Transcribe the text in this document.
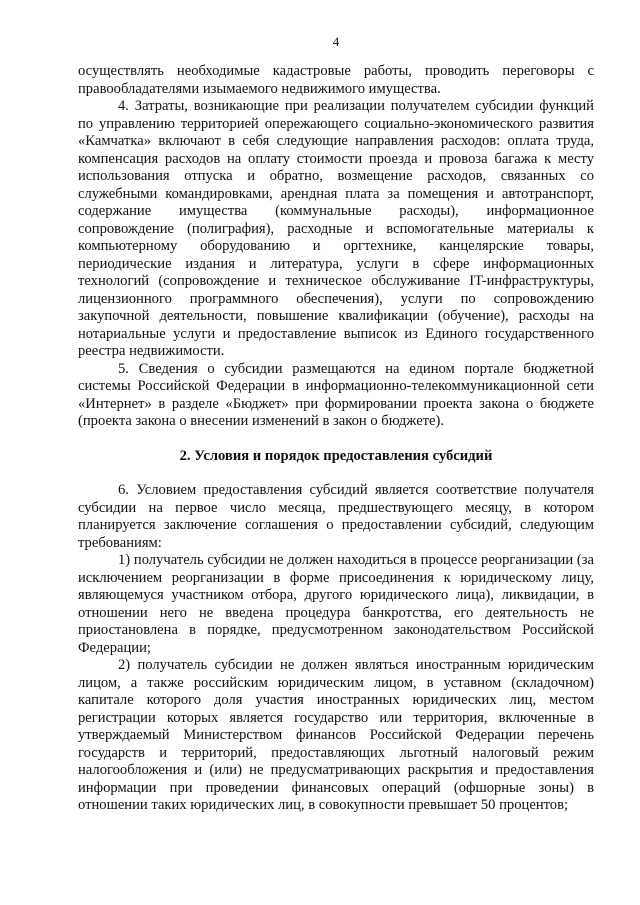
4

осуществлять необходимые кадастровые работы, проводить переговоры с правообладателями изымаемого недвижимого имущества.

4. Затраты, возникающие при реализации получателем субсидии функций по управлению территорией опережающего социально-экономического развития «Камчатка» включают в себя следующие направления расходов: оплата труда, компенсация расходов на оплату стоимости проезда и провоза багажа к месту использования отпуска и обратно, возмещение расходов, связанных со служебными командировками, арендная плата за помещения и автотранспорт, содержание имущества (коммунальные расходы), информационное сопровождение (полиграфия), расходные и вспомогательные материалы к компьютерному оборудованию и оргтехнике, канцелярские товары, периодические издания и литература, услуги в сфере информационных технологий (сопровождение и техническое обслуживание IT-инфраструктуры, лицензионного программного обеспечения), услуги по сопровождению закупочной деятельности, повышение квалификации (обучение), расходы на нотариальные услуги и предоставление выписок из Единого государственного реестра недвижимости.

5. Сведения о субсидии размещаются на едином портале бюджетной системы Российской Федерации в информационно-телекоммуникационной сети «Интернет» в разделе «Бюджет» при формировании проекта закона о бюджете (проекта закона о внесении изменений в закон о бюджете).

2. Условия и порядок предоставления субсидий

6. Условием предоставления субсидий является соответствие получателя субсидии на первое число месяца, предшествующего месяцу, в котором планируется заключение соглашения о предоставлении субсидий, следующим требованиям:

1) получатель субсидии не должен находиться в процессе реорганизации (за исключением реорганизации в форме присоединения к юридическому лицу, являющемуся участником отбора, другого юридического лица), ликвидации, в отношении него не введена процедура банкротства, его деятельность не приостановлена в порядке, предусмотренном законодательством Российской Федерации;

2) получатель субсидии не должен являться иностранным юридическим лицом, а также российским юридическим лицом, в уставном (складочном) капитале которого доля участия иностранных юридических лиц, местом регистрации которых является государство или территория, включенные в утверждаемый Министерством финансов Российской Федерации перечень государств и территорий, предоставляющих льготный налоговый режим налогообложения и (или) не предусматривающих раскрытия и предоставления информации при проведении финансовых операций (офшорные зоны) в отношении таких юридических лиц, в совокупности превышает 50 процентов;
